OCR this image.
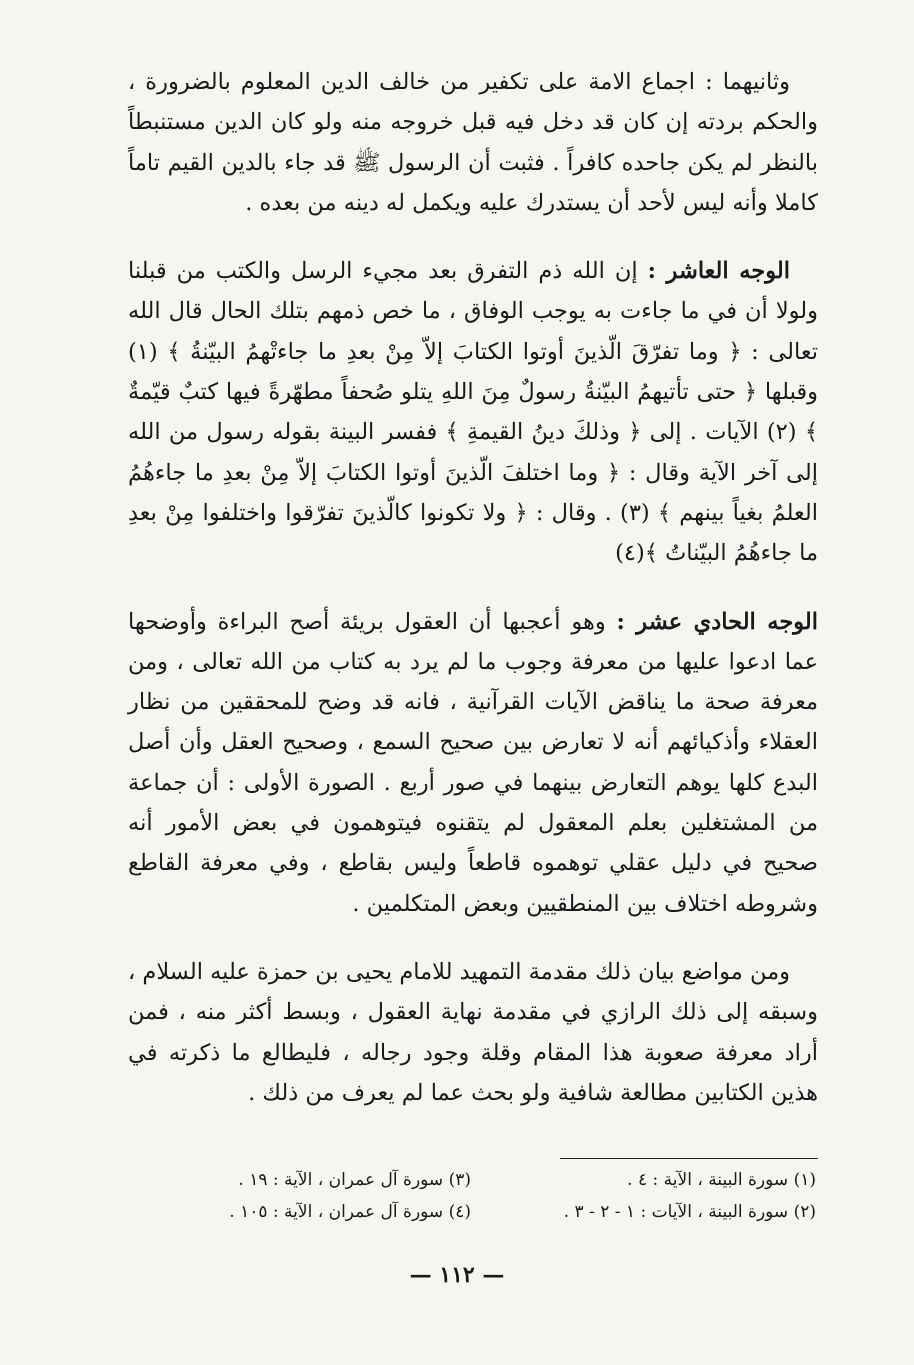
وثانيهما : اجماع الامة على تكفير من خالف الدين المعلوم بالضرورة ، والحكم بردته إن كان قد دخل فيه قبل خروجه منه ولو كان الدين مستنبطاً بالنظر لم يكن جاحده كافراً . فثبت أن الرسول ﷺ قد جاء بالدين القيم تاماً كاملا وأنه ليس لأحد أن يستدرك عليه ويكمل له دينه من بعده .

الوجه العاشر : إن الله ذم التفرق بعد مجيء الرسل والكتب من قبلنا ولولا أن في ما جاءت به يوجب الوفاق ، ما خص ذمهم بتلك الحال قال الله تعالى : ﴿ وما تفرّقَ الّذينَ أوتوا الكتابَ إلاّ مِنْ بعدِ ما جاءتْهمُ البيّنةُ ﴾ (١) وقبلها ﴿ حتى تأتيهمُ البيّنةُ رسولٌ مِنَ اللهِ يتلو صُحفاً مطهّرةً فيها كتبٌ قيّمةٌ ﴾ (٢) الآيات . إلى ﴿ وذلكَ دينُ القيمةِ ﴾ ففسر البينة بقوله رسول من الله إلى آخر الآية وقال : ﴿ وما اختلفَ الّذينَ أوتوا الكتابَ إلاّ مِنْ بعدِ ما جاءهُمُ العلمُ بغياً بينهم ﴾ (٣) . وقال : ﴿ ولا تكونوا كالّذينَ تفرّقوا واختلفوا مِنْ بعدِ ما جاءهُمُ البيّناتُ ﴾(٤)

الوجه الحادي عشر : وهو أعجبها أن العقول بريئة أصح البراءة وأوضحها عما ادعوا عليها من معرفة وجوب ما لم يرد به كتاب من الله تعالى ، ومن معرفة صحة ما يناقض الآيات القرآنية ، فانه قد وضح للمحققين من نظار العقلاء وأذكيائهم أنه لا تعارض بين صحيح السمع ، وصحيح العقل وأن أصل البدع كلها يوهم التعارض بينهما في صور أربع . الصورة الأولى : أن جماعة من المشتغلين بعلم المعقول لم يتقنوه فيتوهمون في بعض الأمور أنه صحيح في دليل عقلي توهموه قاطعاً وليس بقاطع ، وفي معرفة القاطع وشروطه اختلاف بين المنطقيين وبعض المتكلمين .

ومن مواضع بيان ذلك مقدمة التمهيد للامام يحيى بن حمزة عليه السلام ، وسبقه إلى ذلك الرازي في مقدمة نهاية العقول ، وبسط أكثر منه ، فمن أراد معرفة صعوبة هذا المقام وقلة وجود رجاله ، فليطالع ما ذكرته في هذين الكتابين مطالعة شافية ولو بحث عما لم يعرف من ذلك .

(١) سورة البينة ، الآية : ٤ .
(٣) سورة آل عمران ، الآية : ١٩ .
(٢) سورة البينة ، الآيات : ١ - ٢ - ٣ .
(٤) سورة آل عمران ، الآية : ١٠٥ .
— ١١٢ —
